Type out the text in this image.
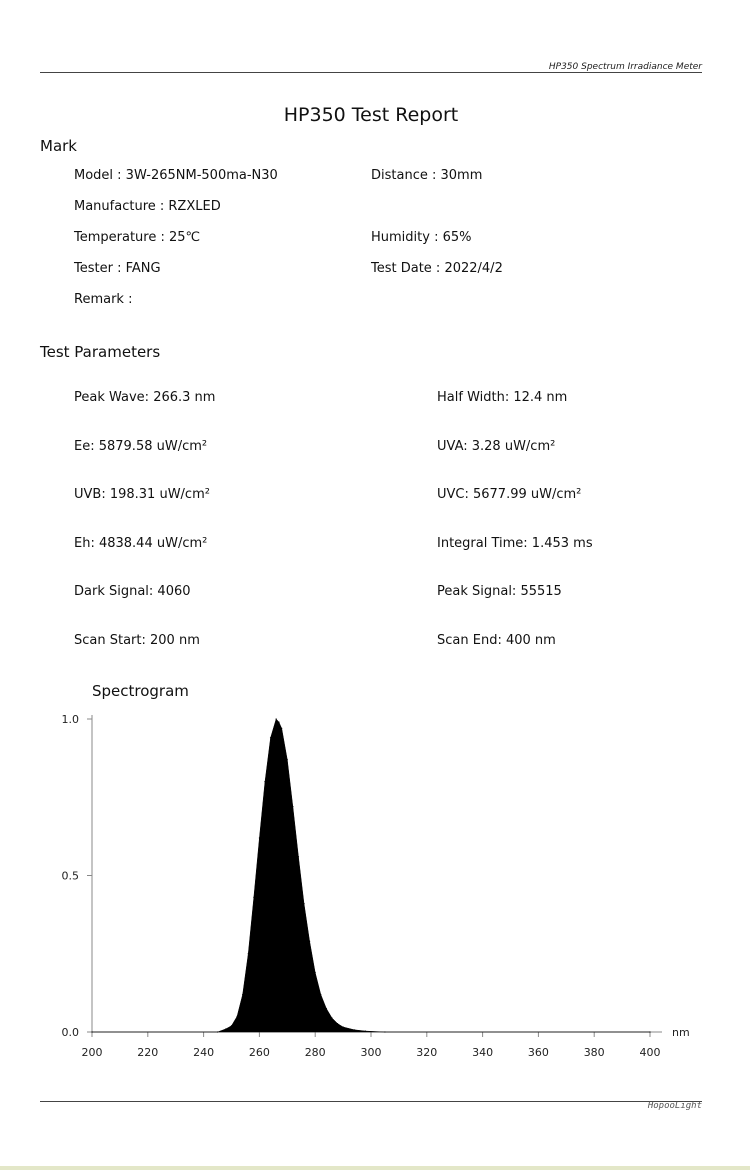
HP350 Spectrum Irradiance Meter
HP350 Test Report
Mark
Model : 3W-265NM-500ma-N30	Distance : 30mm
Manufacture : RZXLED
Temperature : 25℃	Humidity : 65%
Tester : FANG	Test Date : 2022/4/2
Remark :
Test Parameters
Peak Wave: 266.3 nm	Half Width: 12.4 nm
Ee: 5879.58 uW/cm²	UVA: 3.28 uW/cm²
UVB: 198.31 uW/cm²	UVC: 5677.99 uW/cm²
Eh: 4838.44 uW/cm²	Integral Time: 1.453 ms
Dark Signal: 4060	Peak Signal: 55515
Scan Start: 200 nm	Scan End: 400 nm
Spectrogram
0.0
0.5
1.0
200	220	240	260	280	300	320	340	360	380	400
nm
HopooLight
